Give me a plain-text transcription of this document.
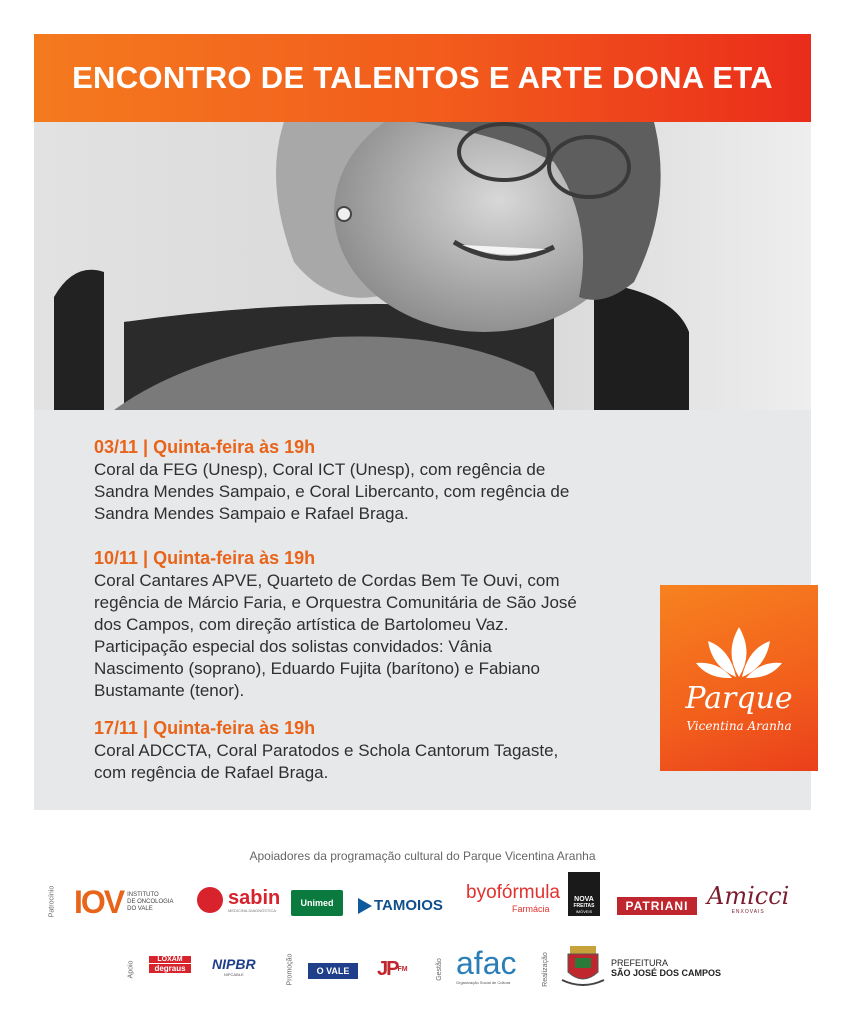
ENCONTRO DE TALENTOS E ARTE DONA ETA
03/11 | Quinta-feira às 19h
Coral da FEG (Unesp), Coral ICT (Unesp), com regência de
Sandra Mendes Sampaio, e Coral Libercanto, com regência de
Sandra Mendes Sampaio e Rafael Braga.
10/11 | Quinta-feira às 19h
Coral Cantares APVE, Quarteto de Cordas Bem Te Ouvi, com
regência de Márcio Faria, e Orquestra Comunitária de São José
dos Campos, com direção artística de Bartolomeu Vaz.
Participação especial dos solistas convidados: Vânia
Nascimento (soprano), Eduardo Fujita (barítono) e Fabiano
Bustamante (tenor).
17/11 | Quinta-feira às 19h
Coral ADCCTA, Coral Paratodos e Schola Cantorum Tagaste,
com regência de Rafael Braga.
Parque
Vicentina Aranha
Apoiadores da programação cultural do Parque Vicentina Aranha
Patrocínio IOV INSTITUTO
DE ONCOLOGIA
DO VALE
sabin
MEDICINA DIAGNÓSTICA
Unimed	TAMOIOS
byofórmula
Farmácia
NOVA
FREITAS
IMÓVEIS	PATRIANI Amicci
ENXOVAIS
Apoio
LOXAM
degraus	NIPBR
NIPCABLE	Promoção	O VALE JP FM	Gestão afac
Organização Social de Cultura	Realização	PREFEITURA
SÃO JOSÉ DOS CAMPOS
